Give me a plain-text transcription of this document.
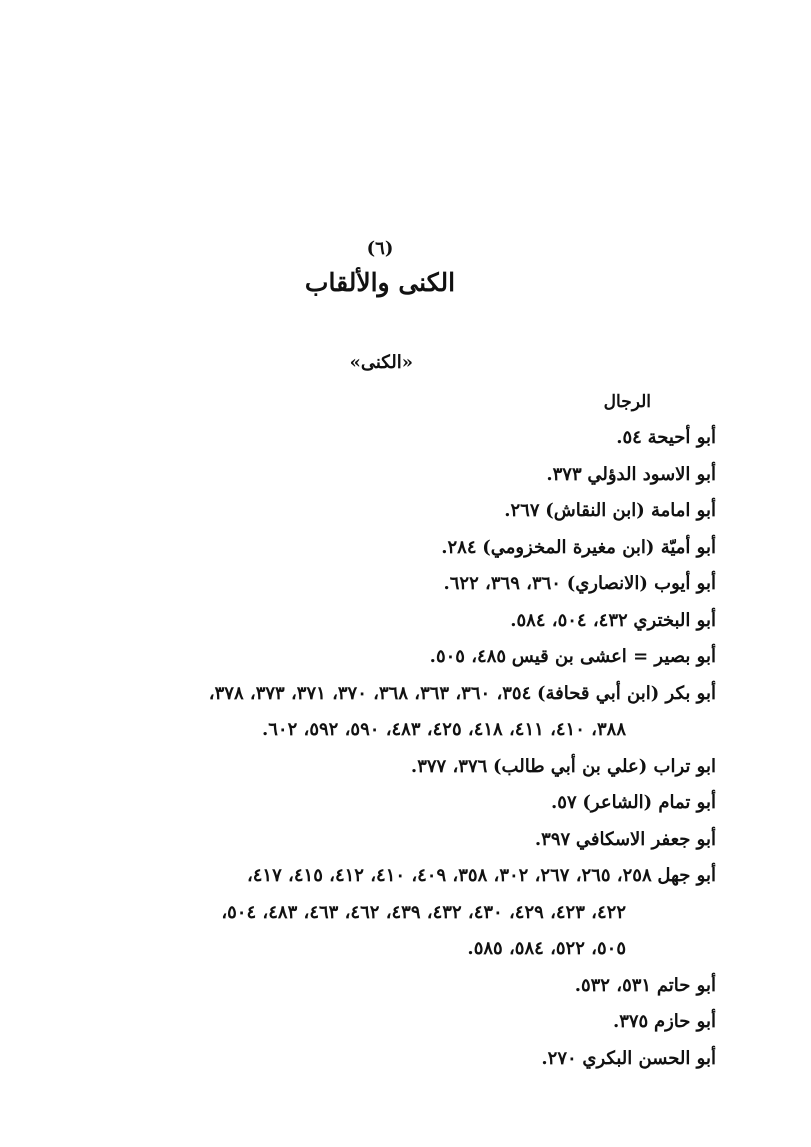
(٦)
الكنى والألقاب
«الكنى»
الرجال
أبو أحيحة ٥٤.
أبو الاسود الدؤلي ٣٧٣.
أبو امامة (ابن النقاش) ٢٦٧.
أبو أميّة (ابن مغيرة المخزومي) ٢٨٤.
أبو أيوب (الانصاري) ٣٦٠، ٣٦٩، ٦٢٢.
أبو البختري ٤٣٢، ٥٠٤، ٥٨٤.
أبو بصير = اعشى بن قيس ٤٨٥، ٥٠٥.
أبو بكر (ابن أبي قحافة) ٣٥٤، ٣٦٠، ٣٦٣، ٣٦٨، ٣٧٠، ٣٧١، ٣٧٣، ٣٧٨،
٣٨٨، ٤١٠، ٤١١، ٤١٨، ٤٢٥، ٤٨٣، ٥٩٠، ٥٩٢، ٦٠٢.
ابو تراب (علي بن أبي طالب) ٣٧٦، ٣٧٧.
أبو تمام (الشاعر) ٥٧.
أبو جعفر الاسكافي ٣٩٧.
أبو جهل ٢٥٨، ٢٦٥، ٢٦٧، ٣٠٢، ٣٥٨، ٤٠٩، ٤١٠، ٤١٢، ٤١٥، ٤١٧،
٤٢٢، ٤٢٣، ٤٢٩، ٤٣٠، ٤٣٢، ٤٣٩، ٤٦٢، ٤٦٣، ٤٨٣، ٥٠٤،
٥٠٥، ٥٢٢، ٥٨٤، ٥٨٥.
أبو حاتم ٥٣١، ٥٣٢.
أبو حازم ٣٧٥.
أبو الحسن البكري ٢٧٠.
